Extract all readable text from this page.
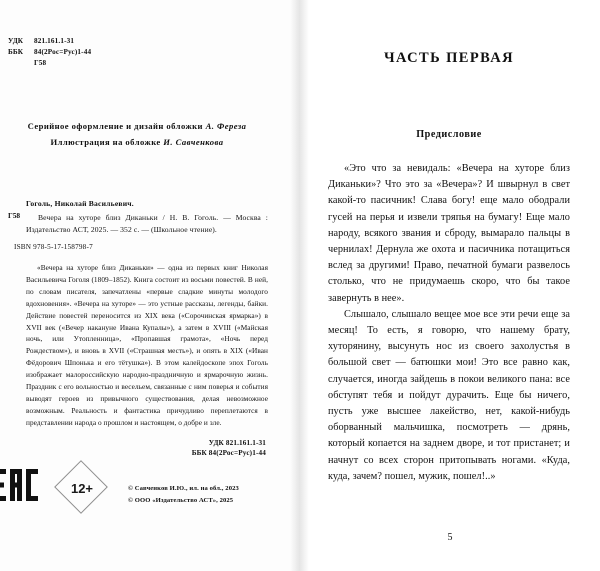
УДК	821.161.1-31
ББК	84(2Рос=Рус)1-44
Г58
Серийное оформление и дизайн обложки А. Фереза
Иллюстрация на обложке И. Савченкова
Г58
Гоголь, Николай Васильевич.
Вечера на хуторе близ Диканьки / Н. В. Гоголь. — Москва : Издательство АСТ, 2025. — 352 с. — (Школьное чтение).
ISBN 978-5-17-158798-7
«Вечера на хуторе близ Диканьки» — одна из первых книг Николая Васильевича Гоголя (1809–1852). Книга состоит из восьми повестей. В ней, по словам писателя, запечатлены «первые сладкие минуты молодого вдохновения». «Вечера на хуторе» — это устные рассказы, легенды, байки. Действие повестей переносится из XIX века («Сорочинская ярмарка») в XVII век («Вечер накануне Ивана Купалы»), а затем в XVIII («Майская ночь, или Утопленница», «Пропавшая грамота», «Ночь перед Рождеством»), и вновь в XVII («Страшная месть»), и опять в XIX («Иван Фёдорович Шпонька и его тётушка»). В этом калейдоскопе эпох Гоголь изображает малороссийскую народно-праздничную и ярмарочную жизнь. Праздник с его вольностью и весельем, связанные с ним поверья и события выводят героев из привычного существования, делая невозможное возможным. Реальность и фантастика причудливо переплетаются в представлении народа о прошлом и настоящем, о добре и зле.
УДК 821.161.1-31
ББК 84(2Рос=Рус)1-44
12+	© Савченков И.Ю., ил. на обл., 2023
© ООО «Издательство АСТ», 2025
ЧАСТЬ ПЕРВАЯ
Предисловие

«Это что за невидаль: «Вечера на хуторе близ Диканьки»? Что это за «Вечера»? И швырнул в свет какой-то пасичник! Слава богу! еще мало ободрали гусей на перья и извели тряпья на бумагу! Еще мало народу, всякого звания и сброду, вымарало пальцы в чернилах! Дернула же охота и пасичника потащиться вслед за другими! Право, печатной бумаги развелось столько, что не придумаешь скоро, что бы такое завернуть в нее».

Слышало, слышало вещее мое все эти речи еще за месяц! То есть, я говорю, что нашему брату, хуторянину, высунуть нос из своего захолустья в большой свет — батюшки мои! Это все равно как, случается, иногда зайдешь в покои великого пана: все обступят тебя и пойдут дурачить. Еще бы ничего, пусть уже высшее лакейство, нет, какой-нибудь оборванный мальчишка, посмотреть — дрянь, который копается на заднем дворе, и тот пристанет; и начнут со всех сторон притопывать ногами. «Куда, куда, зачем? пошел, мужик, пошел!..»

5
